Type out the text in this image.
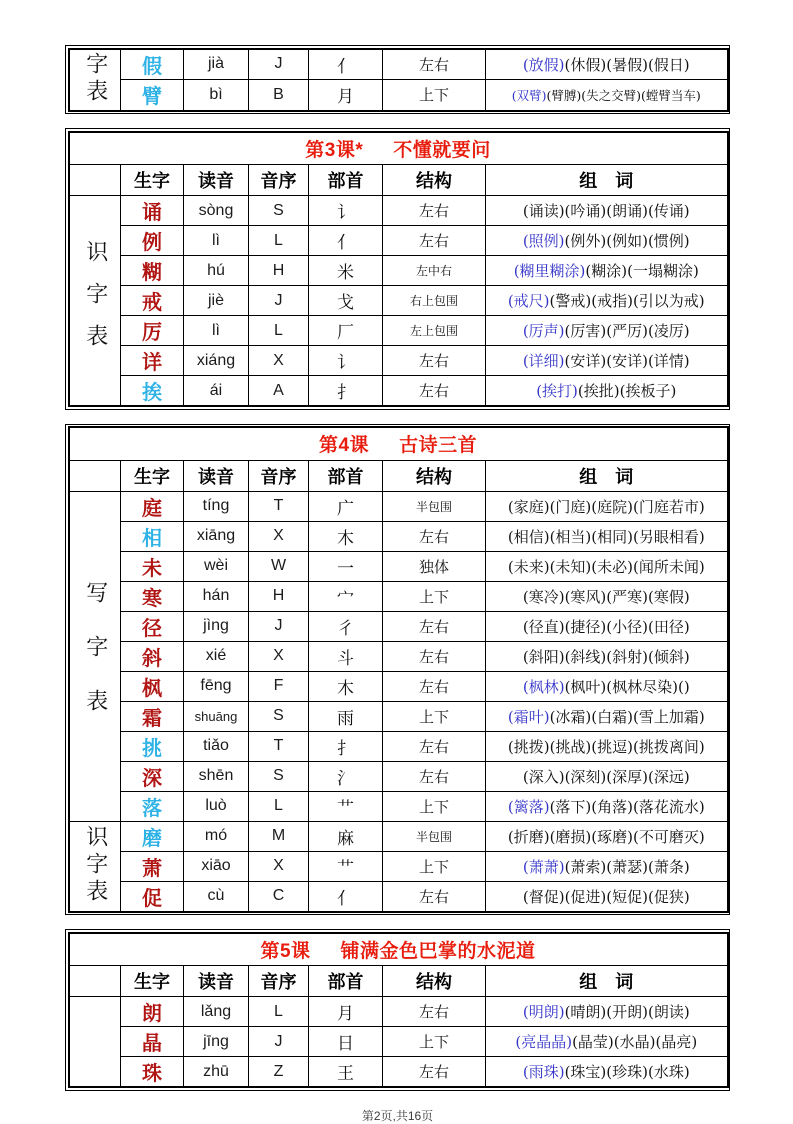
字表	假	jià	J	亻	左右	(放假)(休假)(暑假)(假日)
	臂	bì	B	月	上下	(双臂)(臂膊)(失之交臂)(螳臂当车)
第3课* 不懂就要问						
	生字	读音	音序	部首	结构	组　词
识字表	诵	sòng	S	讠	左右	(诵读)(吟诵)(朗诵)(传诵)
	例	lì	L	亻	左右	(照例)(例外)(例如)(惯例)
	糊	hú	H	米	左中右	(糊里糊涂)(糊涂)(一塌糊涂)
	戒	jiè	J	戈	右上包围	(戒尺)(警戒)(戒指)(引以为戒)
	厉	lì	L	厂	左上包围	(厉声)(厉害)(严厉)(凌厉)
	详	xiáng	X	讠	左右	(详细)(安详)(安详)(详情)
	挨	ái	A	扌	左右	(挨打)(挨批)(挨板子)
第4课 古诗三首						
	生字	读音	音序	部首	结构	组　词
写字表	庭	tíng	T	广	半包围	(家庭)(门庭)(庭院)(门庭若市)
	相	xiāng	X	木	左右	(相信)(相当)(相同)(另眼相看)
	未	wèi	W	一	独体	(未来)(未知)(未必)(闻所未闻)
	寒	hán	H	宀	上下	(寒冷)(寒风)(严寒)(寒假)
	径	jìng	J	彳	左右	(径直)(捷径)(小径)(田径)
	斜	xié	X	斗	左右	(斜阳)(斜线)(斜射)(倾斜)
	枫	fēng	F	木	左右	(枫林)(枫叶)(枫林尽染)()
	霜	shuāng	S	雨	上下	(霜叶)(冰霜)(白霜)(雪上加霜)
	挑	tiǎo	T	扌	左右	(挑拨)(挑战)(挑逗)(挑拨离间)
	深	shēn	S	氵	左右	(深入)(深刻)(深厚)(深远)
	落	luò	L	艹	上下	(篱落)(落下)(角落)(落花流水)
识字表	磨	mó	M	麻	半包围	(折磨)(磨损)(琢磨)(不可磨灭)
	萧	xiāo	X	艹	上下	(萧萧)(萧索)(萧瑟)(萧条)
	促	cù	C	亻	左右	(督促)(促进)(短促)(促狭)
第5课 铺满金色巴掌的水泥道						
	生字	读音	音序	部首	结构	组　词
	朗	lǎng	L	月	左右	(明朗)(晴朗)(开朗)(朗读)
	晶	jīng	J	日	上下	(亮晶晶)(晶莹)(水晶)(晶亮)
	珠	zhū	Z	王	左右	(雨珠)(珠宝)(珍珠)(水珠)
第2页,共16页
